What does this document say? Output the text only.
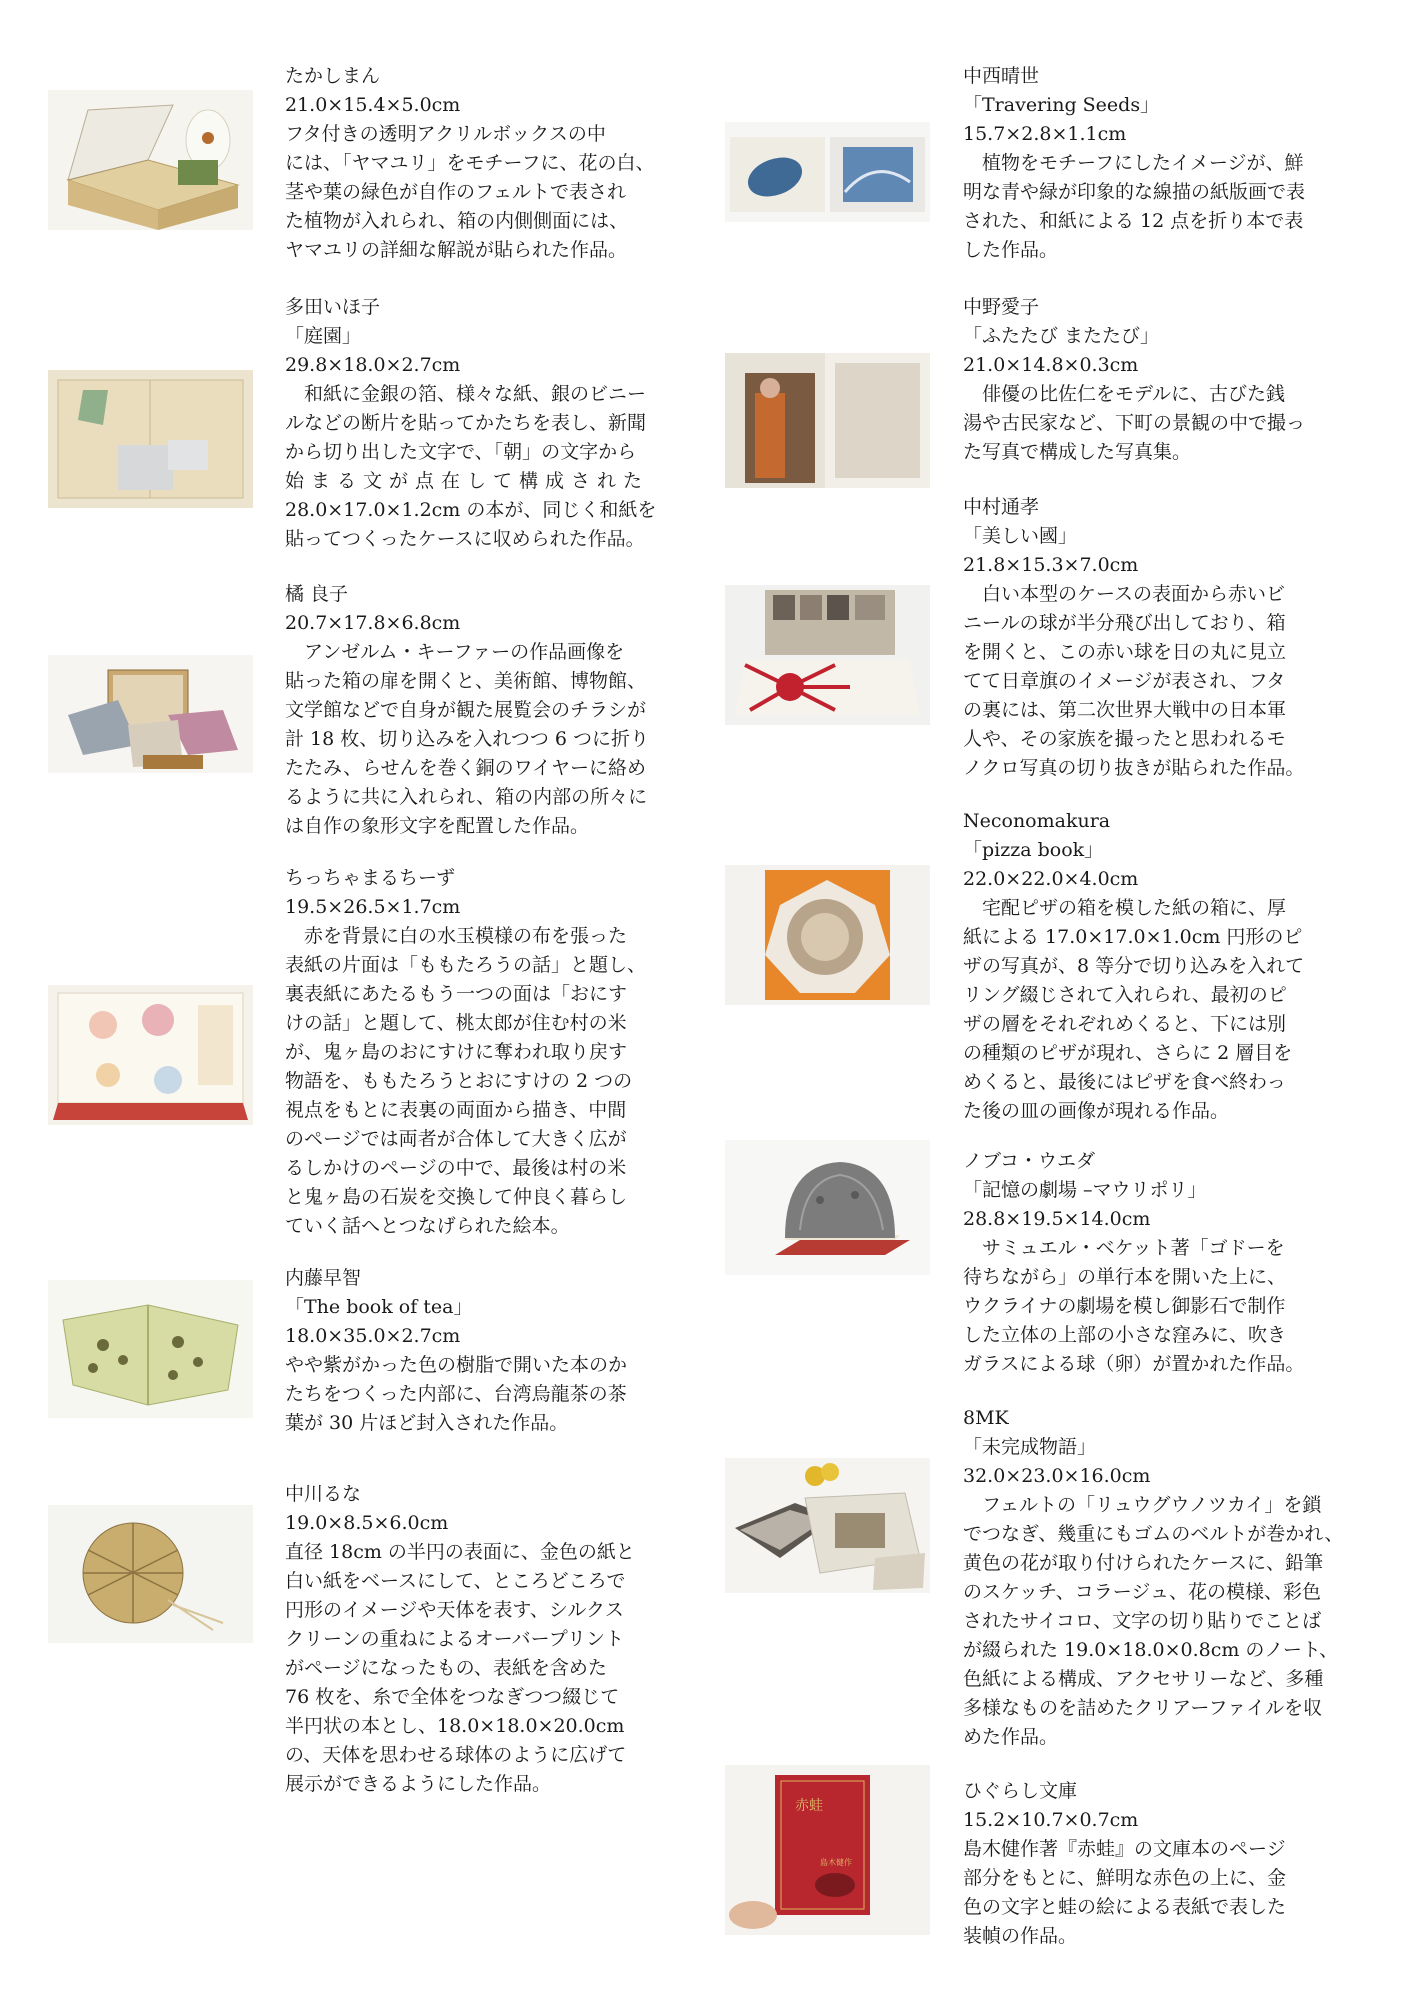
たかしまん

21.0×15.4×5.0cm

フタ付きの透明アクリルボックスの中
には、「ヤマユリ」をモチーフに、花の白、
茎や葉の緑色が自作のフェルトで表され
た植物が入れられ、箱の内側側面には、
ヤマユリの詳細な解説が貼られた作品。

多田いほ子

「庭園」

29.8×18.0×2.7cm

　和紙に金銀の箔、様々な紙、銀のビニー
ルなどの断片を貼ってかたちを表し、新聞
から切り出した文字で、「朝」の文字から
始まる文が点在して構成された
28.0×17.0×1.2cm の本が、同じく和紙を
貼ってつくったケースに収められた作品。

橘 良子

20.7×17.8×6.8cm

　アンゼルム・キーファーの作品画像を
貼った箱の扉を開くと、美術館、博物館、
文学館などで自身が観た展覧会のチラシが
計 18 枚、切り込みを入れつつ 6 つに折り
たたみ、らせんを巻く銅のワイヤーに絡め
るように共に入れられ、箱の内部の所々に
は自作の象形文字を配置した作品。

ちっちゃまるちーず

19.5×26.5×1.7cm

　赤を背景に白の水玉模様の布を張った
表紙の片面は「ももたろうの話」と題し、
裏表紙にあたるもう一つの面は「おにす
けの話」と題して、桃太郎が住む村の米
が、鬼ヶ島のおにすけに奪われ取り戻す
物語を、ももたろうとおにすけの 2 つの
視点をもとに表裏の両面から描き、中間
のページでは両者が合体して大きく広が
るしかけのページの中で、最後は村の米
と鬼ヶ島の石炭を交換して仲良く暮らし
ていく話へとつなげられた絵本。

内藤早智

「The book of tea」

18.0×35.0×2.7cm

やや紫がかった色の樹脂で開いた本のか
たちをつくった内部に、台湾烏龍茶の茶
葉が 30 片ほど封入された作品。

中川るな

19.0×8.5×6.0cm

直径 18cm の半円の表面に、金色の紙と
白い紙をベースにして、ところどころで
円形のイメージや天体を表す、シルクス
クリーンの重ねによるオーバープリント
がページになったもの、表紙を含めた
76 枚を、糸で全体をつなぎつつ綴じて
半円状の本とし、18.0×18.0×20.0cm
の、天体を思わせる球体のように広げて
展示ができるようにした作品。

中西晴世

「Travering Seeds」

15.7×2.8×1.1cm

　植物をモチーフにしたイメージが、鮮
明な青や緑が印象的な線描の紙版画で表
された、和紙による 12 点を折り本で表
した作品。

中野愛子

「ふたたび またたび」

21.0×14.8×0.3cm

　俳優の比佐仁をモデルに、古びた銭
湯や古民家など、下町の景観の中で撮っ
た写真で構成した写真集。

中村通孝

「美しい國」

21.8×15.3×7.0cm

　白い本型のケースの表面から赤いビ
ニールの球が半分飛び出しており、箱
を開くと、この赤い球を日の丸に見立
てて日章旗のイメージが表され、フタ
の裏には、第二次世界大戦中の日本軍
人や、その家族を撮ったと思われるモ
ノクロ写真の切り抜きが貼られた作品。

Neconomakura

「pizza book」

22.0×22.0×4.0cm

　宅配ピザの箱を模した紙の箱に、厚
紙による 17.0×17.0×1.0cm 円形のピ
ザの写真が、8 等分で切り込みを入れて
リング綴じされて入れられ、最初のピ
ザの層をそれぞれめくると、下には別
の種類のピザが現れ、さらに 2 層目を
めくると、最後にはピザを食べ終わっ
た後の皿の画像が現れる作品。

ノブコ・ウエダ

「記憶の劇場 –マウリポリ」

28.8×19.5×14.0cm

　サミュエル・ベケット著「ゴドーを
待ちながら」の単行本を開いた上に、
ウクライナの劇場を模し御影石で制作
した立体の上部の小さな窪みに、吹き
ガラスによる球（卵）が置かれた作品。

8MK

「未完成物語」

32.0×23.0×16.0cm

　フェルトの「リュウグウノツカイ」を鎖
でつなぎ、幾重にもゴムのベルトが巻かれ、
黄色の花が取り付けられたケースに、鉛筆
のスケッチ、コラージュ、花の模様、彩色
されたサイコロ、文字の切り貼りでことば
が綴られた 19.0×18.0×0.8cm のノート、
色紙による構成、アクセサリーなど、多種
多様なものを詰めたクリアーファイルを収
めた作品。

赤蛙
島木健作

ひぐらし文庫

15.2×10.7×0.7cm

島木健作著『赤蛙』の文庫本のページ
部分をもとに、鮮明な赤色の上に、金
色の文字と蛙の絵による表紙で表した
装幀の作品。
